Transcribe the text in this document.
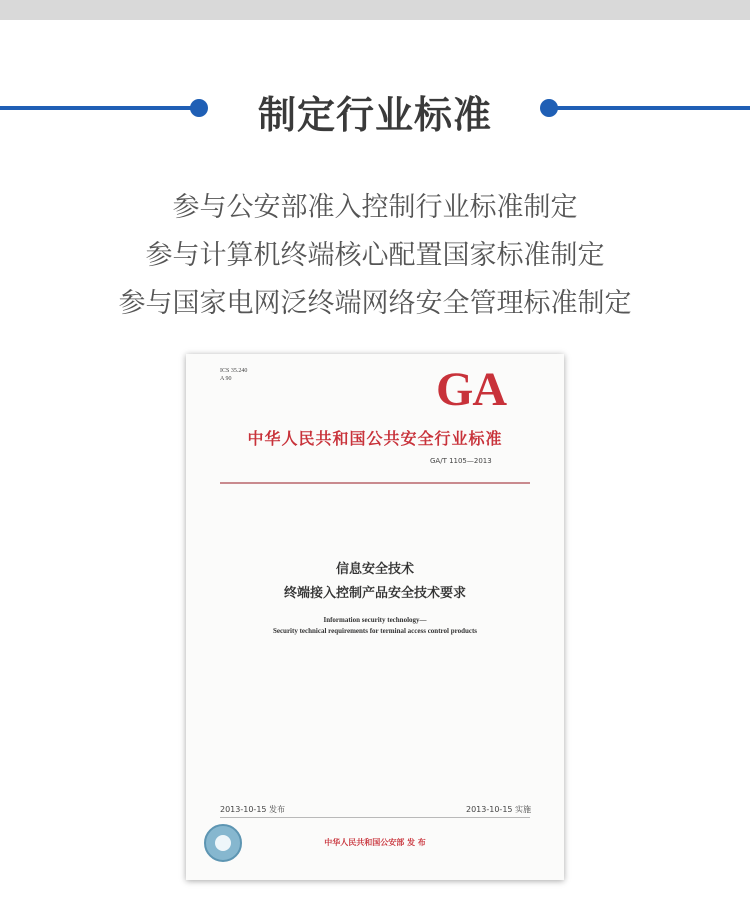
制定行业标准
参与公安部准入控制行业标准制定
参与计算机终端核心配置国家标准制定
参与国家电网泛终端网络安全管理标准制定
ICS 35.240
A 90	GA
中华人民共和国公共安全行业标准
GA/T 1105—2013
信息安全技术
终端接入控制产品安全技术要求
Information security technology—
Security technical requirements for terminal access control products
2013-10-15 发布	2013-10-15 实施
中华人民共和国公安部 发 布
